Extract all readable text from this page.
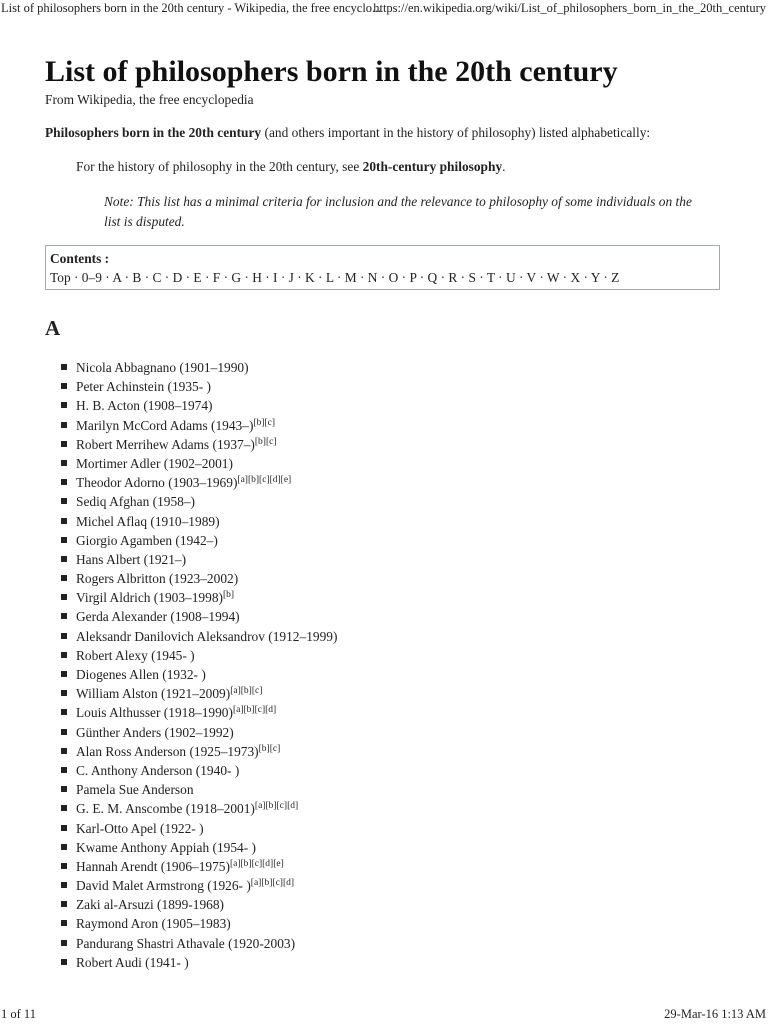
List of philosophers born in the 20th century - Wikipedia, the free encyclo...
https://en.wikipedia.org/wiki/List_of_philosophers_born_in_the_20th_century
List of philosophers born in the 20th century
From Wikipedia, the free encyclopedia
Philosophers born in the 20th century (and others important in the history of philosophy) listed alphabetically:
For the history of philosophy in the 20th century, see 20th-century philosophy.
Note: This list has a minimal criteria for inclusion and the relevance to philosophy of some individuals on the list is disputed.
Contents :
Top · 0–9 · A · B · C · D · E · F · G · H · I · J · K · L · M · N · O · P · Q · R · S · T · U · V · W · X · Y · Z
A
Nicola Abbagnano (1901–1990)
Peter Achinstein (1935- )
H. B. Acton (1908–1974)
Marilyn McCord Adams (1943–)[b][c]
Robert Merrihew Adams (1937–)[b][c]
Mortimer Adler (1902–2001)
Theodor Adorno (1903–1969)[a][b][c][d][e]
Sediq Afghan (1958–)
Michel Aflaq (1910–1989)
Giorgio Agamben (1942–)
Hans Albert (1921–)
Rogers Albritton (1923–2002)
Virgil Aldrich (1903–1998)[b]
Gerda Alexander (1908–1994)
Aleksandr Danilovich Aleksandrov (1912–1999)
Robert Alexy (1945- )
Diogenes Allen (1932- )
William Alston (1921–2009)[a][b][c]
Louis Althusser (1918–1990)[a][b][c][d]
Günther Anders (1902–1992)
Alan Ross Anderson (1925–1973)[b][c]
C. Anthony Anderson (1940- )
Pamela Sue Anderson
G. E. M. Anscombe (1918–2001)[a][b][c][d]
Karl-Otto Apel (1922- )
Kwame Anthony Appiah (1954- )
Hannah Arendt (1906–1975)[a][b][c][d][e]
David Malet Armstrong (1926- )[a][b][c][d]
Zaki al-Arsuzi (1899-1968)
Raymond Aron (1905–1983)
Pandurang Shastri Athavale (1920-2003)
Robert Audi (1941- )
1 of 11	29-Mar-16 1:13 AM
